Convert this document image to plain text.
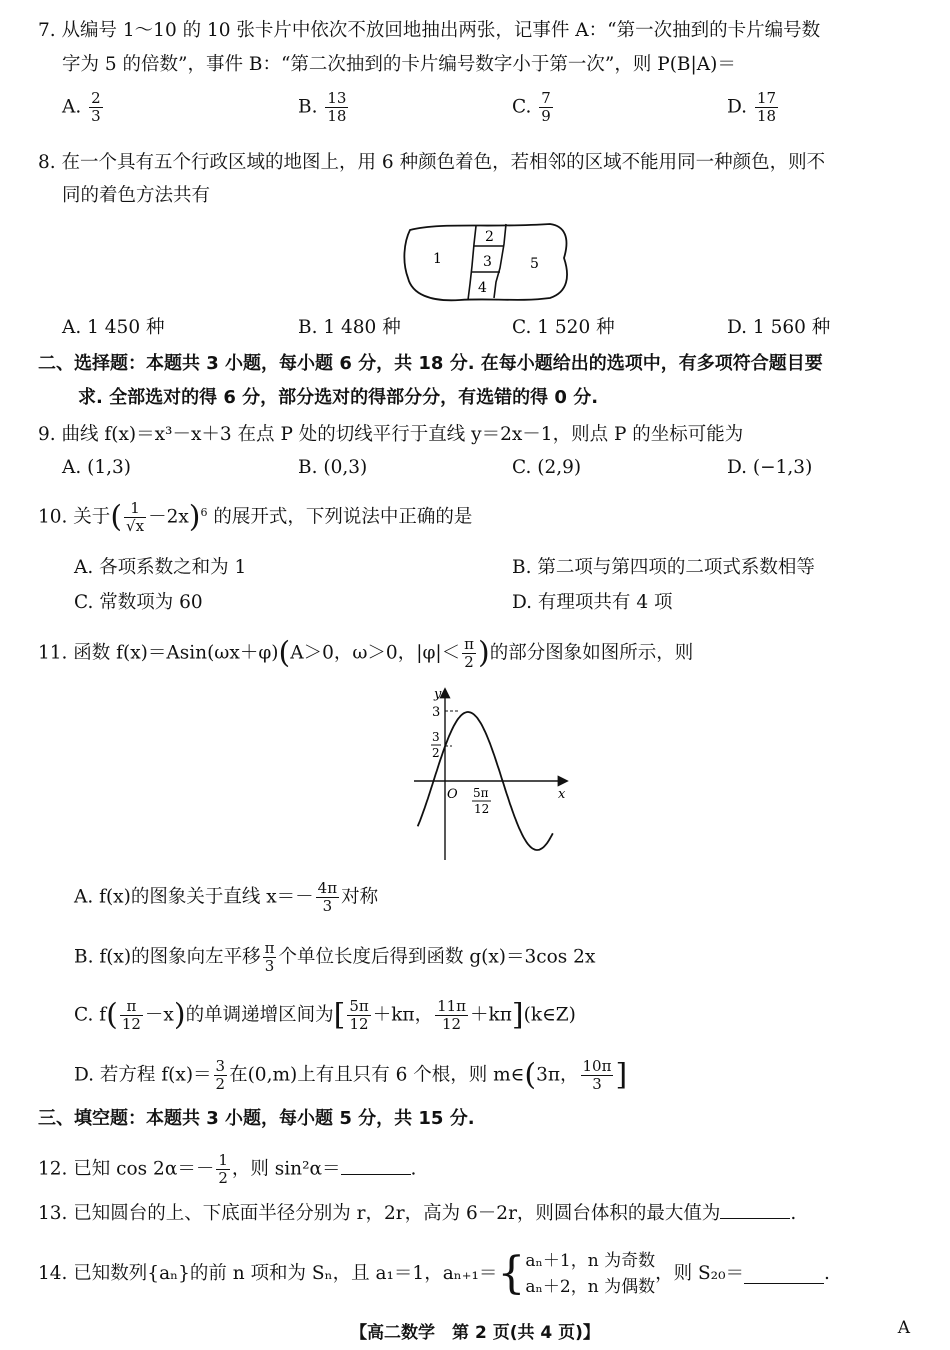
7. 从编号 1～10 的 10 张卡片中依次不放回地抽出两张，记事件 A：“第一次抽到的卡片编号数
字为 5 的倍数”，事件 B：“第二次抽到的卡片编号数字小于第一次”，则 P(B|A)＝
A. $\frac{2}{3}$	B. $\frac{13}{18}$	C. $\frac{7}{9}$	D. $\frac{17}{18}$
8. 在一个具有五个行政区域的地图上，用 6 种颜色着色，若相邻的区域不能用同一种颜色，则不
同的着色方法共有
1
2
3
4
5
A. 1 450 种	B. 1 480 种	C. 1 520 种	D. 1 560 种
二、选择题：本题共 3 小题，每小题 6 分，共 18 分. 在每小题给出的选项中，有多项符合题目要
求. 全部选对的得 6 分，部分选对的得部分分，有选错的得 0 分.
9. 曲线 f(x)＝x³－x＋3 在点 P 处的切线平行于直线 y＝2x－1，则点 P 的坐标可能为
A. (1,3)	B. (0,3)	C. (2,9)	D. (−1,3)
10. 关于( $\frac{1}{√x} -2x)^6$ 的展开式，下列说法中正确的是
A. 各项系数之和为 1	B. 第二项与第四项的二项式系数相等
C. 常数项为 60	D. 有理项共有 4 项
11. 函数 f(x)＝Asin(ωx＋φ)(A＞0，ω＞0，$|\varphi|< \frac{\pi}{2}$ )的部分图象如图所示，则
y
x
O
3
3
2
5π
12
A. f(x)的图象关于直线 $x=- \frac{4\pi}{3}$ 对称
B. f(x)的图象向左平移 $\frac{\pi}{3}$ 个单位长度后得到函数 g(x)＝3cos 2x
C. $f( \frac{\pi}{12} -x)$的单调递增区间为[ $\frac{5\pi}{12} +k\pi$， $\frac{11\pi}{12}$ ＋kπ](k∈Z)
D. 若方程 $f(x)= \frac{3}{2}$ 在(0,m)上有且只有 6 个根，则 m∈(3π， $\frac{10\pi}{3}$ ]
三、填空题：本题共 3 小题，每小题 5 分，共 15 分.
12. 已知 $\cos 2\alpha=- \frac{1}{2}$ ，则 sin²α＝	.
13. 已知圆台的上、下底面半径分别为 r，2r，高为 6－2r，则圆台体积的最大值为	.
14. 已知数列{aₙ}的前 n 项和为 Sₙ，且 a₁＝1，aₙ₊₁＝{ aₙ＋1，n 为奇数
aₙ＋2，n 为偶数
，则 S₂₀＝	.
【高二数学　第 2 页(共 4 页)】	A
